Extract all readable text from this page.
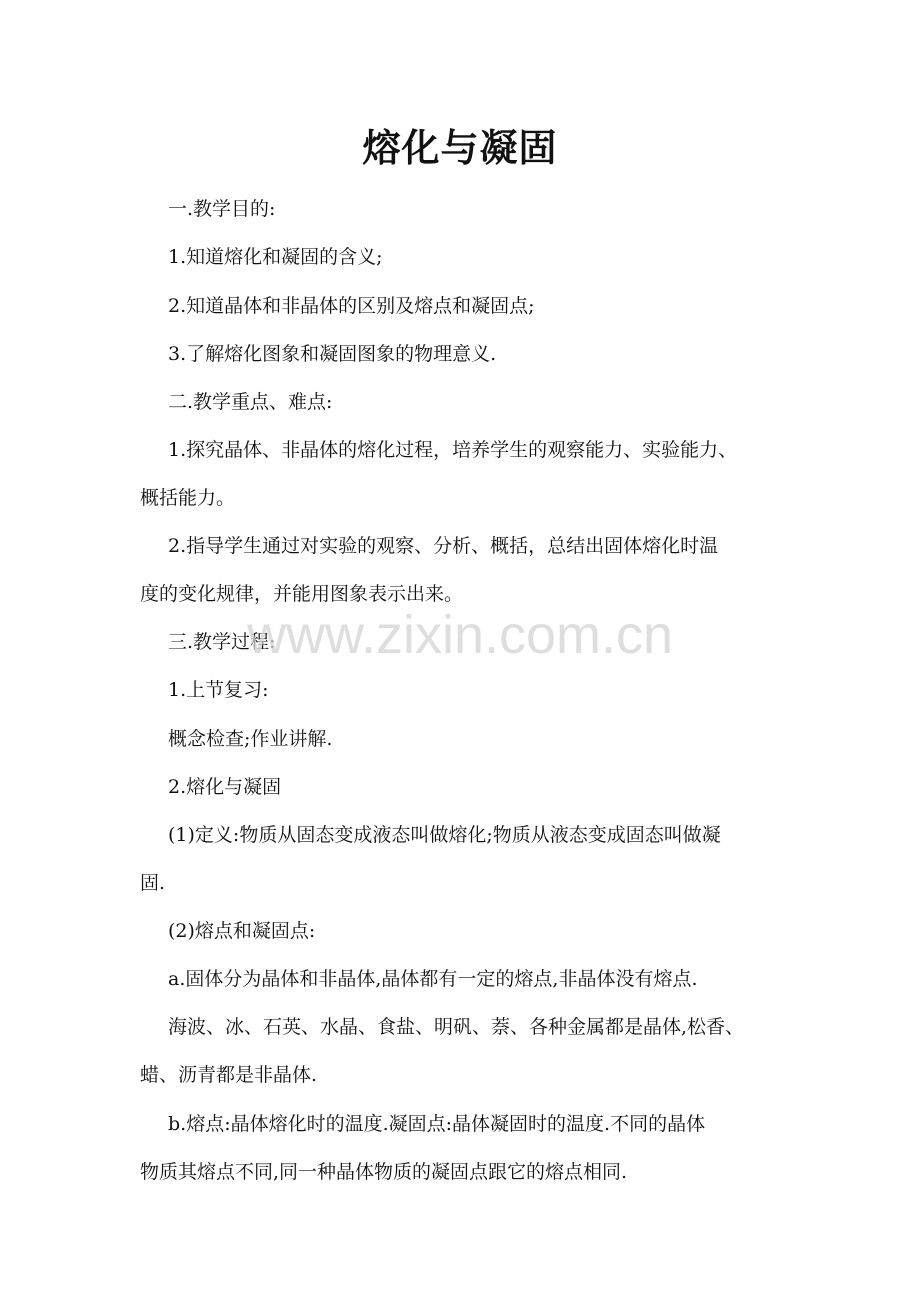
熔化与凝固
一.教学目的:
1.知道熔化和凝固的含义;
2.知道晶体和非晶体的区别及熔点和凝固点;
3.了解熔化图象和凝固图象的物理意义.
二.教学重点、难点:
1.探究晶体、非晶体的熔化过程，培养学生的观察能力、实验能力、
概括能力。
2.指导学生通过对实验的观察、分析、概括，总结出固体熔化时温
度的变化规律，并能用图象表示出来。
三.教学过程:
1.上节复习:
概念检查;作业讲解.
2.熔化与凝固
(1)定义:物质从固态变成液态叫做熔化;物质从液态变成固态叫做凝
固.
(2)熔点和凝固点:
a.固体分为晶体和非晶体,晶体都有一定的熔点,非晶体没有熔点.
海波、冰、石英、水晶、食盐、明矾、萘、各种金属都是晶体,松香、
蜡、沥青都是非晶体.
b.熔点:晶体熔化时的温度.凝固点:晶体凝固时的温度.不同的晶体
物质其熔点不同,同一种晶体物质的凝固点跟它的熔点相同.
www.zixin.com.cn
